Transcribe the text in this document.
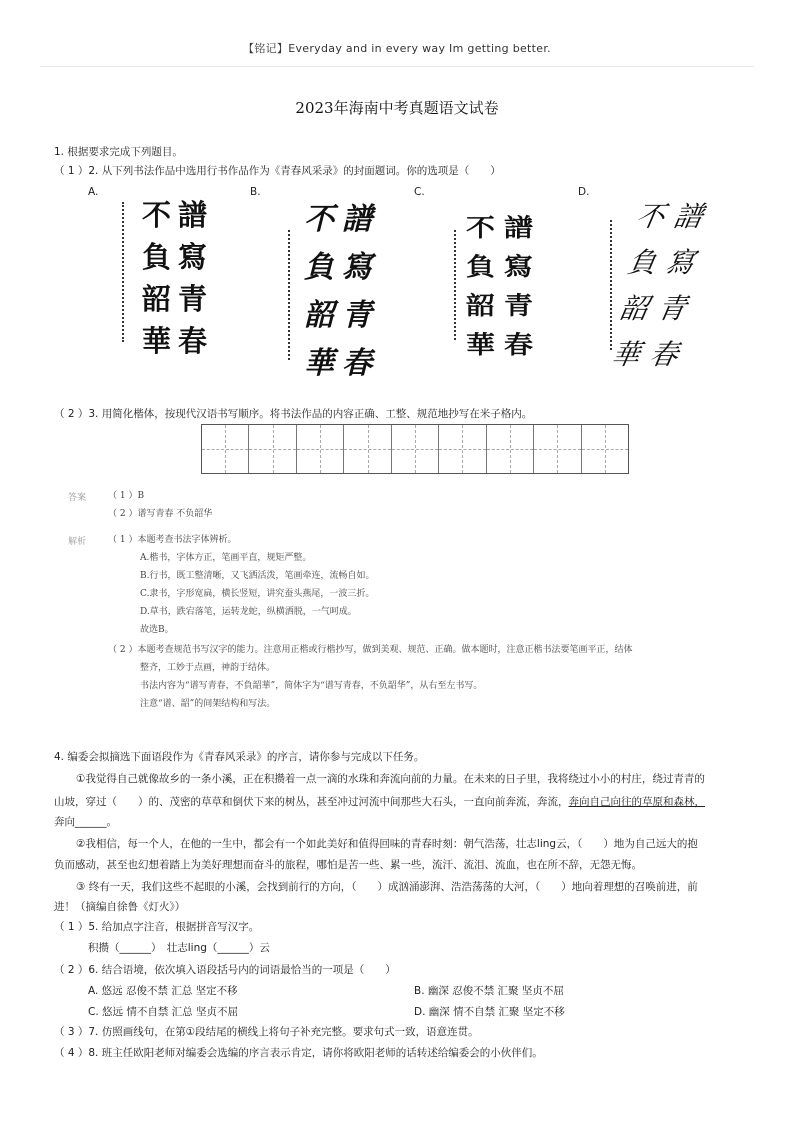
【铭记】Everyday and in every way Im getting better.
2023年海南中考真题语文试卷
1. 根据要求完成下列题目。
（ 1 ）2. 从下列书法作品中选用行书作品作为《青春风采录》的封面题词。你的选项是（　　）
A.	B.	C.	D.
不
負
韶
華
譜
寫
青
春
不
負
韶
華
譜
寫
青
春
不
負
韶
華
譜
寫
青
春
不
負
韶
華
譜
寫
青
春
（ 2 ）3. 用简化楷体，按现代汉语书写顺序。将书法作品的内容正确、工整、规范地抄写在米子格内。
答案 （ 1 ）B
（ 2 ）谱写青春 不负韶华
解析 （ 1 ）本题考查书法字体辨析。
A.楷书，字体方正，笔画平直，规矩严整。
B.行书，既工整清晰，又飞洒活泼，笔画牵连，流畅自如。
C.隶书，字形宽扁，横长竖短，讲究蚕头燕尾，一波三折。
D.草书，跌宕落笔，运转龙蛇，纵横洒脱，一气呵成。
故选B。
（ 2 ）本题考查规范书写汉字的能力。注意用正楷或行楷抄写，做到美观、规范、正确。做本题时，注意正楷书法要笔画平正，结体
整齐，工妙于点画，神韵于结体。
书法内容为“谱写青春，不負韶華”，简体字为“谱写青春，不负韶华”，从右至左书写。
注意“谱、韶”的间架结构和写法。
4. 编委会拟摘选下面语段作为《青春风采录》的序言，请你参与完成以下任务。
①我觉得自己就像故乡的一条小溪，正在积攒着一点一滴的水珠和奔流向前的力量。在未来的日子里，我将绕过小小的村庄，绕过青青的
山坡，穿过（　　）的、茂密的草草和倒伏下来的树丛，甚至冲过河流中间那些大石头，一直向前奔流，奔流，奔向自己向往的草原和森林，
奔向______。
②我相信，每一个人，在他的一生中，都会有一个如此美好和值得回味的青春时刻：朝气浩荡，壮志ling云，（　　）地为自己远大的抱
负而感动，甚至也幻想着踏上为美好理想而奋斗的旅程，哪怕是苦一些、累一些，流汗、流泪、流血，也在所不辞，无怨无悔。
③ 终有一天，我们这些不起眼的小溪，会找到前行的方向，（　　）成汹涌澎湃、浩浩荡荡的大河，（　　）地向着理想的召唤前进，前
进！（摘编自徐鲁《灯火》）
（ 1 ）5. 给加点字注音，根据拼音写汉字。
积攒（______）　壮志ling（______）云
（ 2 ）6. 结合语境，依次填入语段括号内的词语最恰当的一项是（　　）
A. 悠远 忍俊不禁 汇总 坚定不移	B. 幽深 忍俊不禁 汇聚 坚贞不屈
C. 悠远 情不自禁 汇总 坚贞不屈	D. 幽深 情不自禁 汇聚 坚定不移
（ 3 ）7. 仿照画线句，在第①段结尾的横线上将句子补充完整。要求句式一致，语意连贯。
（ 4 ）8. 班主任欧阳老师对编委会选编的序言表示肯定，请你将欧阳老师的话转述给编委会的小伙伴们。
